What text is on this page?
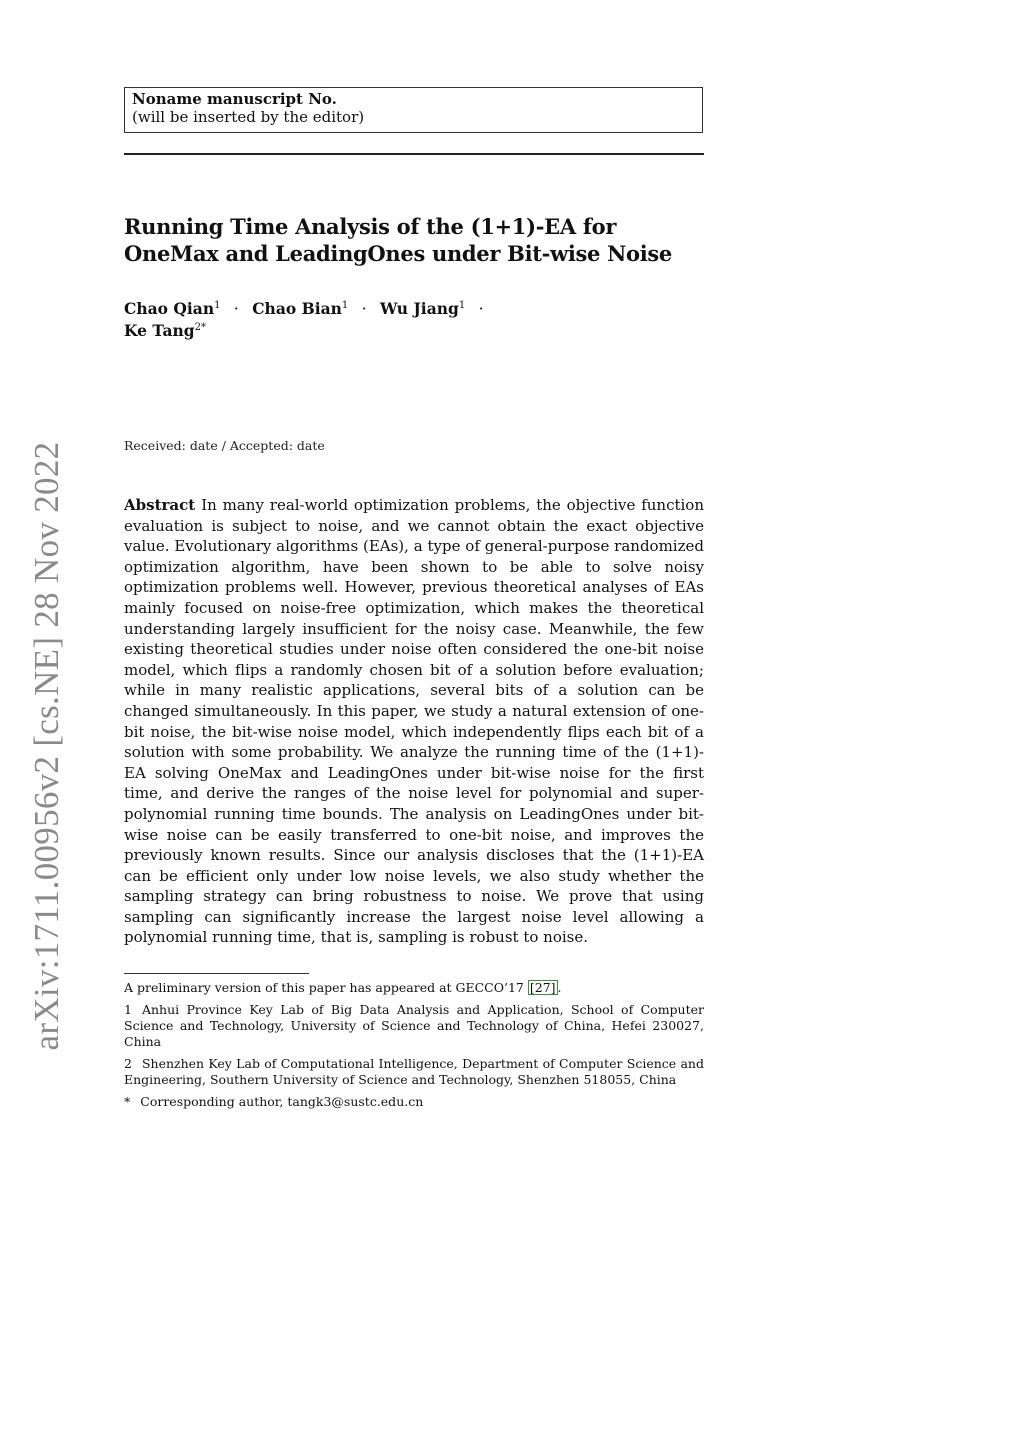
arXiv:1711.00956v2 [cs.NE] 28 Nov 2022
Noname manuscript No.
(will be inserted by the editor)
Running Time Analysis of the (1+1)-EA for OneMax and LeadingOnes under Bit-wise Noise
Chao Qian$^1$ · Chao Bian$^1$ · Wu Jiang$^1$ · Ke Tang$^{2*}$
Received: date / Accepted: date

Abstract In many real-world optimization problems, the objective function evaluation is subject to noise, and we cannot obtain the exact objective value. Evolutionary algorithms (EAs), a type of general-purpose randomized optimization algorithm, have been shown to be able to solve noisy optimization problems well. However, previous theoretical analyses of EAs mainly focused on noise-free optimization, which makes the theoretical understanding largely insufficient for the noisy case. Meanwhile, the few existing theoretical studies under noise often considered the one-bit noise model, which flips a randomly chosen bit of a solution before evaluation; while in many realistic applications, several bits of a solution can be changed simultaneously. In this paper, we study a natural extension of one-bit noise, the bit-wise noise model, which independently flips each bit of a solution with some probability. We analyze the running time of the (1+1)-EA solving OneMax and LeadingOnes under bit-wise noise for the first time, and derive the ranges of the noise level for polynomial and super-polynomial running time bounds. The analysis on LeadingOnes under bit-wise noise can be easily transferred to one-bit noise, and improves the previously known results. Since our analysis discloses that the (1+1)-EA can be efficient only under low noise levels, we also study whether the sampling strategy can bring robustness to noise. We prove that using sampling can significantly increase the largest noise level allowing a polynomial running time, that is, sampling is robust to noise.

A preliminary version of this paper has appeared at GECCO’17 [27] .

1 Anhui Province Key Lab of Big Data Analysis and Application, School of Computer Science and Technology, University of Science and Technology of China, Hefei 230027, China

2 Shenzhen Key Lab of Computational Intelligence, Department of Computer Science and Engineering, Southern University of Science and Technology, Shenzhen 518055, China

* Corresponding author, tangk3@sustc.edu.cn
